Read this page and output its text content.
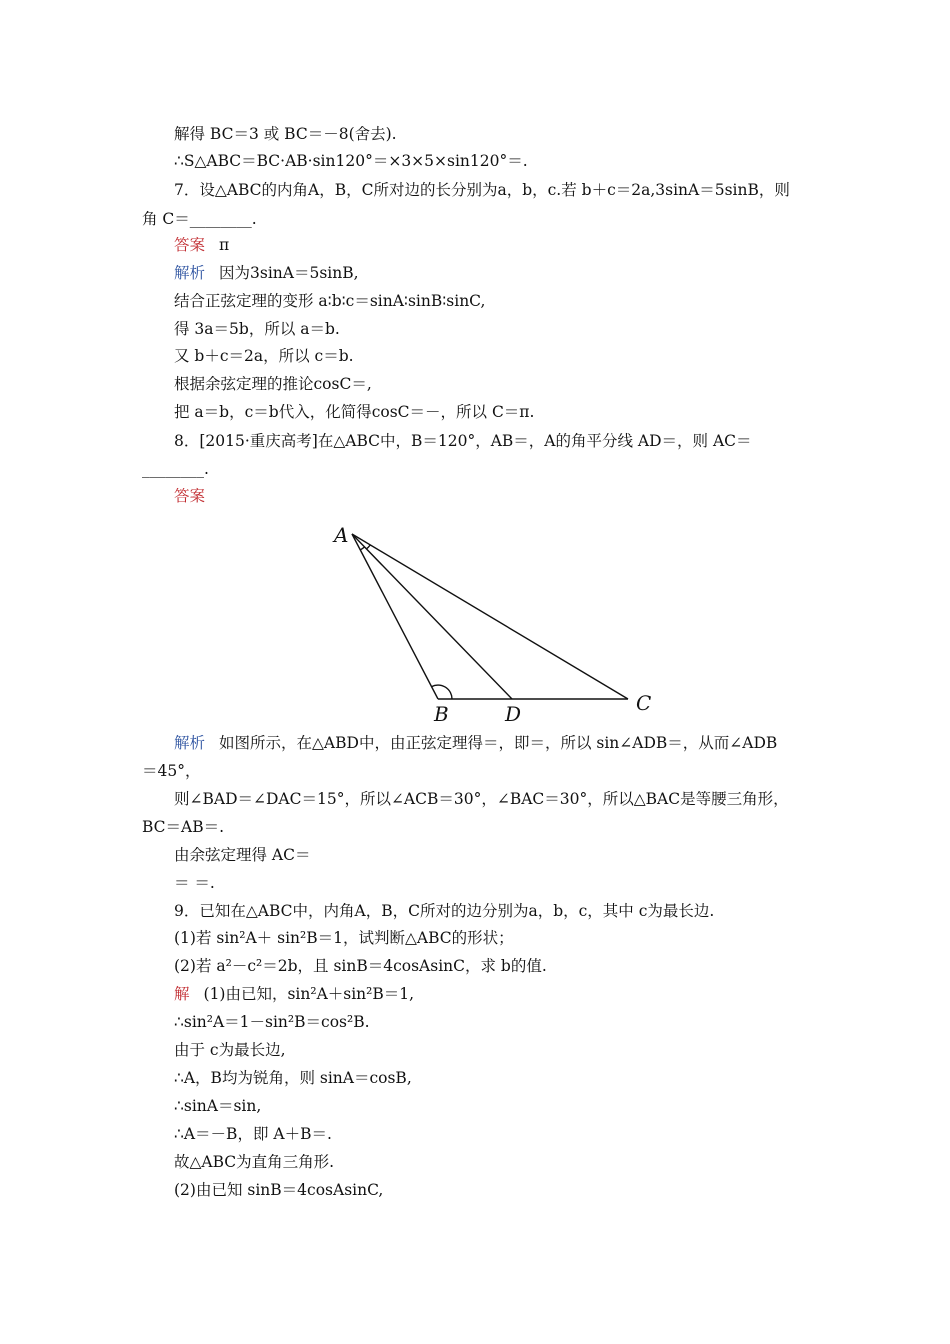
解得 BC＝3 或 BC＝－8(舍去).
∴S△ABC＝BC·AB·sin120°＝×3×5×sin120°＝.
7．设△ABC的内角A，B，C所对边的长分别为a，b，c.若 b＋c＝2a,3sinA＝5sinB，则
角 C＝________.
答案 π
解析 因为3sinA＝5sinB,
结合正弦定理的变形 a∶b∶c＝sinA∶sinB∶sinC,
得 3a＝5b，所以 a＝b.
又 b＋c＝2a，所以 c＝b.
根据余弦定理的推论cosC＝,
把 a＝b，c＝b代入，化简得cosC＝－，所以 C＝π.
8．[2015·重庆高考]在△ABC中，B＝120°，AB＝，A的角平分线 AD＝，则 AC＝
________.
答案
A
B	D	C
解析 如图所示，在△ABD中，由正弦定理得＝，即＝，所以 sin∠ADB＝，从而∠ADB
＝45°，
则∠BAD＝∠DAC＝15°，所以∠ACB＝30°，∠BAC＝30°，所以△BAC是等腰三角形，
BC＝AB＝.
由余弦定理得 AC＝
＝ ＝.
9．已知在△ABC中，内角A，B，C所对的边分别为a，b，c，其中 c为最长边.
(1)若 sin²A＋ sin²B＝1，试判断△ABC的形状；
(2)若 a²－c²＝2b，且 sinB＝4cosAsinC，求 b的值.
解 (1)由已知，sin²A＋sin²B＝1,
∴sin²A＝1－sin²B＝cos²B.
由于 c为最长边,
∴A，B均为锐角，则 sinA＝cosB,
∴sinA＝sin,
∴A＝－B，即 A＋B＝.
故△ABC为直角三角形.
(2)由已知 sinB＝4cosAsinC,
